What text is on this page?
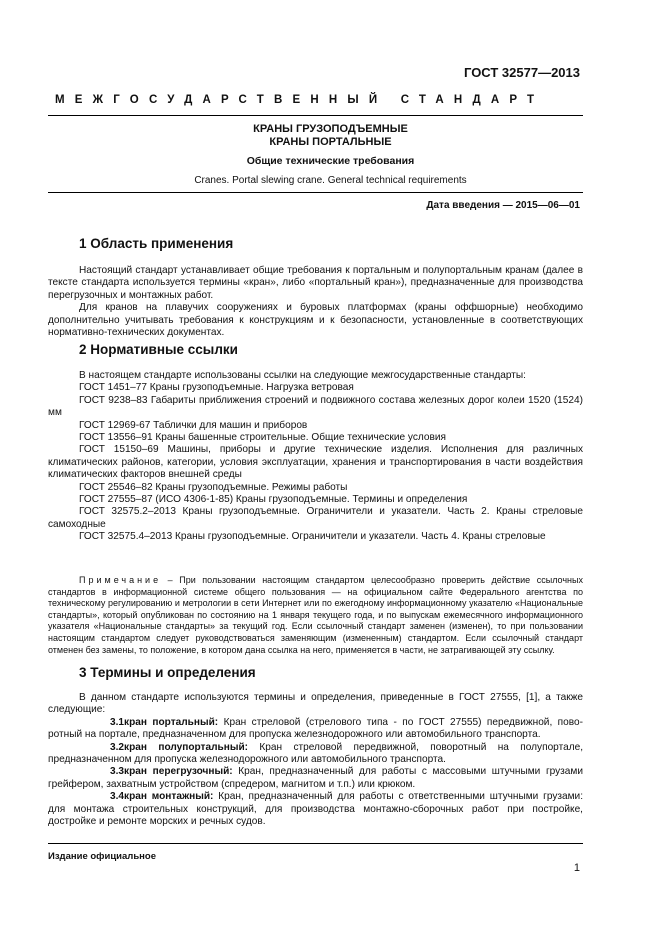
ГОСТ 32577—2013
МЕЖГОСУДАРСТВЕННЫЙ СТАНДАРТ
КРАНЫ ГРУЗОПОДЪЕМНЫЕ
КРАНЫ ПОРТАЛЬНЫЕ
Общие технические требования
Cranes. Portal slewing crane. General technical requirements
Дата введения — 2015—06—01
1 Область применения

Настоящий стандарт устанавливает общие требования к портальным и полупортальным кранам (далее в тексте стандарта используется термины «кран», либо «портальный кран»), предназначенные для производства перегрузочных и монтажных работ.

Для кранов на плавучих сооружениях и буровых платформах (краны оффшорные) необходимо дополнительно учитывать требования к конструкциям и к безопасности, установленные в соответствующих нормативно-технических документах.

2 Нормативные ссылки

В настоящем стандарте использованы ссылки на следующие межгосударственные стандарты:

ГОСТ 1451–77 Краны грузоподъемные. Нагрузка ветровая

ГОСТ 9238–83 Габариты приближения строений и подвижного состава железных дорог колеи 1520 (1524) мм

ГОСТ 12969-67 Таблички для машин и приборов

ГОСТ 13556–91 Краны башенные строительные. Общие технические условия

ГОСТ 15150–69 Машины, приборы и другие технические изделия. Исполнения для различных климатических районов, категории, условия эксплуатации, хранения и транспортирования в части воздействия климатических факторов внешней среды

ГОСТ 25546–82 Краны грузоподъемные. Режимы работы

ГОСТ 27555–87 (ИСО 4306-1-85) Краны грузоподъемные. Термины и определения

ГОСТ 32575.2–2013 Краны грузоподъемные. Ограничители и указатели. Часть 2. Краны стреловые самоходные

ГОСТ 32575.4–2013 Краны грузоподъемные. Ограничители и указатели. Часть 4. Краны стреловые

Примечание – При пользовании настоящим стандартом целесообразно проверить действие ссылочных стандартов в информационной системе общего пользования — на официальном сайте Федерального агентства по техническому регулированию и метрологии в сети Интернет или по ежегодному информационному указателю «Национальные стандарты», который опубликован по состоянию на 1 января текущего года, и по выпускам ежемесячного информационного указателя «Национальные стандарты» за текущий год. Если ссылочный стандарт заменен (изменен), то при пользовании настоящим стандартом следует руководствоваться заменяющим (измененным) стандартом. Если ссылочный стандарт отменен без замены, то положение, в котором дана ссылка на него, применяется в части, не затрагивающей эту ссылку.

3 Термины и определения

В данном стандарте используются термины и определения, приведенные в ГОСТ 27555, [1], а также следующие:

3.1кран портальный: Кран стреловой (стрелового типа - по ГОСТ 27555) передвижной, поворотный на портале, предназначенном для пропуска железнодорожного или автомобильного транспорта.

3.2кран полупортальный: Кран стреловой передвижной, поворотный на полупортале, предназначенном для пропуска железнодорожного или автомобильного транспорта.

3.3кран перегрузочный: Кран, предназначенный для работы с массовыми штучными грузами грейфером, захватным устройством (спредером, магнитом и т.п.) или крюком.

3.4кран монтажный: Кран, предназначенный для работы с ответственными штучными грузами: для монтажа строительных конструкций, для производства монтажно-сборочных работ при постройке, достройке и ремонте морских и речных судов.

Издание официальное
1
